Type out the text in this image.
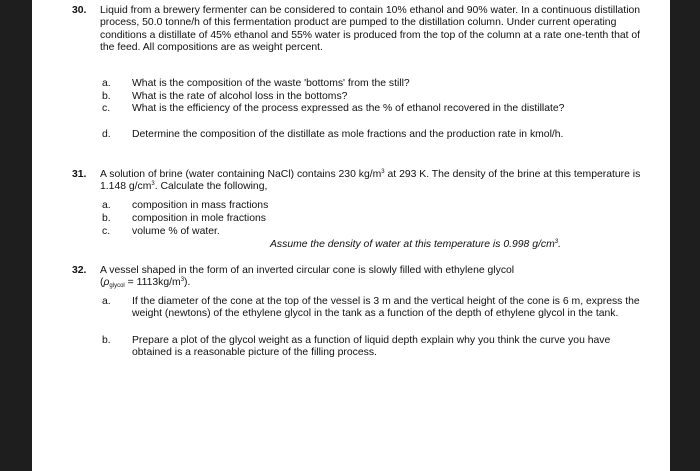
30. Liquid from a brewery fermenter can be considered to contain 10% ethanol and 90% water. In a continuous distillation process, 50.0 tonne/h of this fermentation product are pumped to the distillation column. Under current operating conditions a distillate of 45% ethanol and 55% water is produced from the top of the column at a rate one-tenth that of the feed. All compositions are as weight percent.
a. What is the composition of the waste 'bottoms' from the still?
b. What is the rate of alcohol loss in the bottoms?
c. What is the efficiency of the process expressed as the % of ethanol recovered in the distillate?
d. Determine the composition of the distillate as mole fractions and the production rate in kmol/h.
31. A solution of brine (water containing NaCl) contains 230 $kg/m^3$ at 293 K. The density of the brine at this temperature is 1.148 $g/cm^3$. Calculate the following,
a. composition in mass fractions
b. composition in mole fractions
c. volume % of water.
Assume the density of water at this temperature is 0.998 $g/cm^3$.
32. A vessel shaped in the form of an inverted circular cone is slowly filled with ethylene glycol
$(\rho_{glycol} = 1113kg/m^3)$.
a. If the diameter of the cone at the top of the vessel is 3 m and the vertical height of the cone is 6 m, express the weight (newtons) of the ethylene glycol in the tank as a function of the depth of ethylene glycol in the tank.
b. Prepare a plot of the glycol weight as a function of liquid depth explain why you think the curve you have obtained is a reasonable picture of the filling process.
